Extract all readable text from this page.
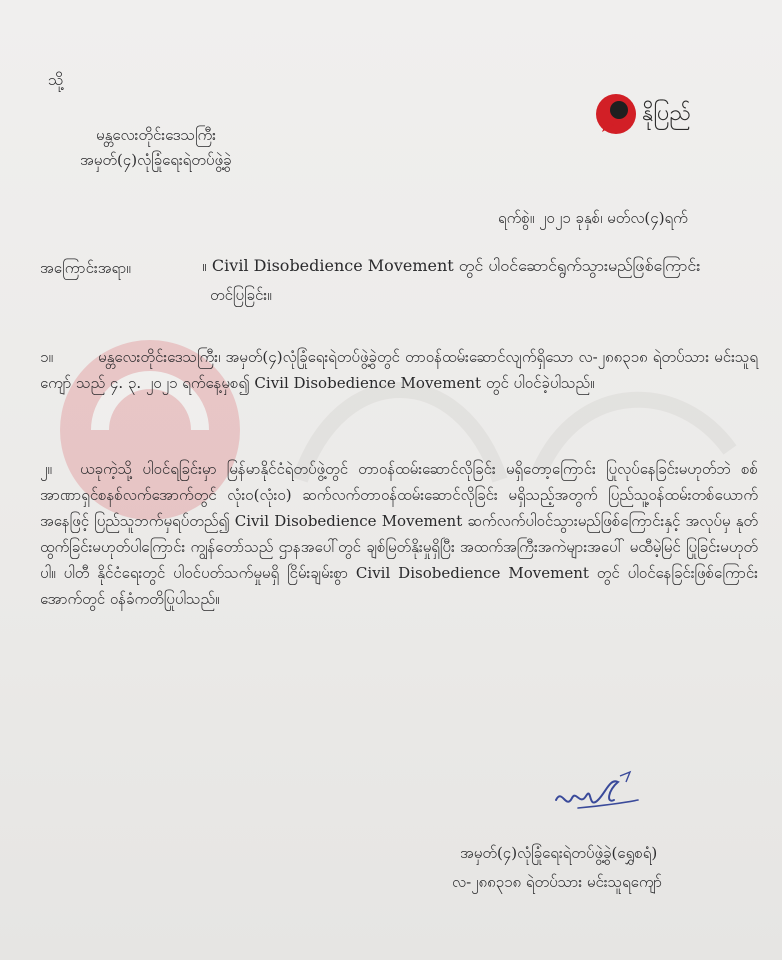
နိုပြည်
သို့
မန္တလေးတိုင်းဒေသကြီး
အမှတ်(၄)လုံခြုံရေးရဲတပ်ဖွဲ့ခွဲ
ရက်စွဲ။ ၂၀၂၁ ခုနှစ်၊ မတ်လ(၄)ရက်
အကြောင်းအရာ။	။ Civil Disobedience Movement တွင် ပါဝင်ဆောင်ရွက်သွားမည်ဖြစ်ကြောင်း
တင်ပြခြင်း။
၁။	မန္တလေးတိုင်းဒေသကြီး၊ အမှတ်(၄)လုံခြုံရေးရဲတပ်ဖွဲ့ခွဲတွင် တာဝန်ထမ်းဆောင်လျက်ရှိသော လ-၂၈၈၃၁၈ ရဲတပ်သား မင်းသူရကျော် သည် ၄. ၃. ၂၀၂၁ ရက်နေ့မှစ၍ Civil Disobedience Movement တွင် ပါဝင်ခဲ့ပါသည်။
၂။ ယခုကဲ့သို့ ပါဝင်ရခြင်းမှာ မြန်မာနိုင်ငံရဲတပ်ဖွဲ့တွင် တာဝန်ထမ်းဆောင်လိုခြင်း မရှိတော့ကြောင်း ပြုလုပ်နေခြင်းမဟုတ်ဘဲ စစ်အာဏာရှင်စနစ်လက်အောက်တွင် လုံး၀(လုံး၀) ဆက်လက်တာဝန်ထမ်းဆောင်လိုခြင်း မရှိသည့်အတွက် ပြည်သူ့ဝန်ထမ်းတစ်ယောက်အနေဖြင့် ပြည်သူဘက်မှရပ်တည်၍ Civil Disobedience Movement ဆက်လက်ပါဝင်သွားမည်ဖြစ်ကြောင်းနှင့် အလုပ်မှ နုတ်ထွက်ခြင်းမဟုတ်ပါကြောင်း ကျွန်တော်သည် ဌာနအပေါ်တွင် ချစ်မြတ်နိုးမှုရှိပြီး အထက်အကြီးအကဲများအပေါ် မထီမဲ့မြင် ပြုခြင်းမဟုတ်ပါ။ ပါတီ နိုင်ငံရေးတွင် ပါဝင်ပတ်သက်မှုမရှိ ငြိမ်းချမ်းစွာ Civil Disobedience Movement တွင် ပါဝင်နေခြင်းဖြစ်ကြောင်း အောက်တွင် ဝန်ခံကတိပြုပါသည်။
အမှတ်(၄)လုံခြုံရေးရဲတပ်ဖွဲ့ခွဲ(ရွှေစရံ)
လ-၂၈၈၃၁၈ ရဲတပ်သား မင်းသူရကျော်
